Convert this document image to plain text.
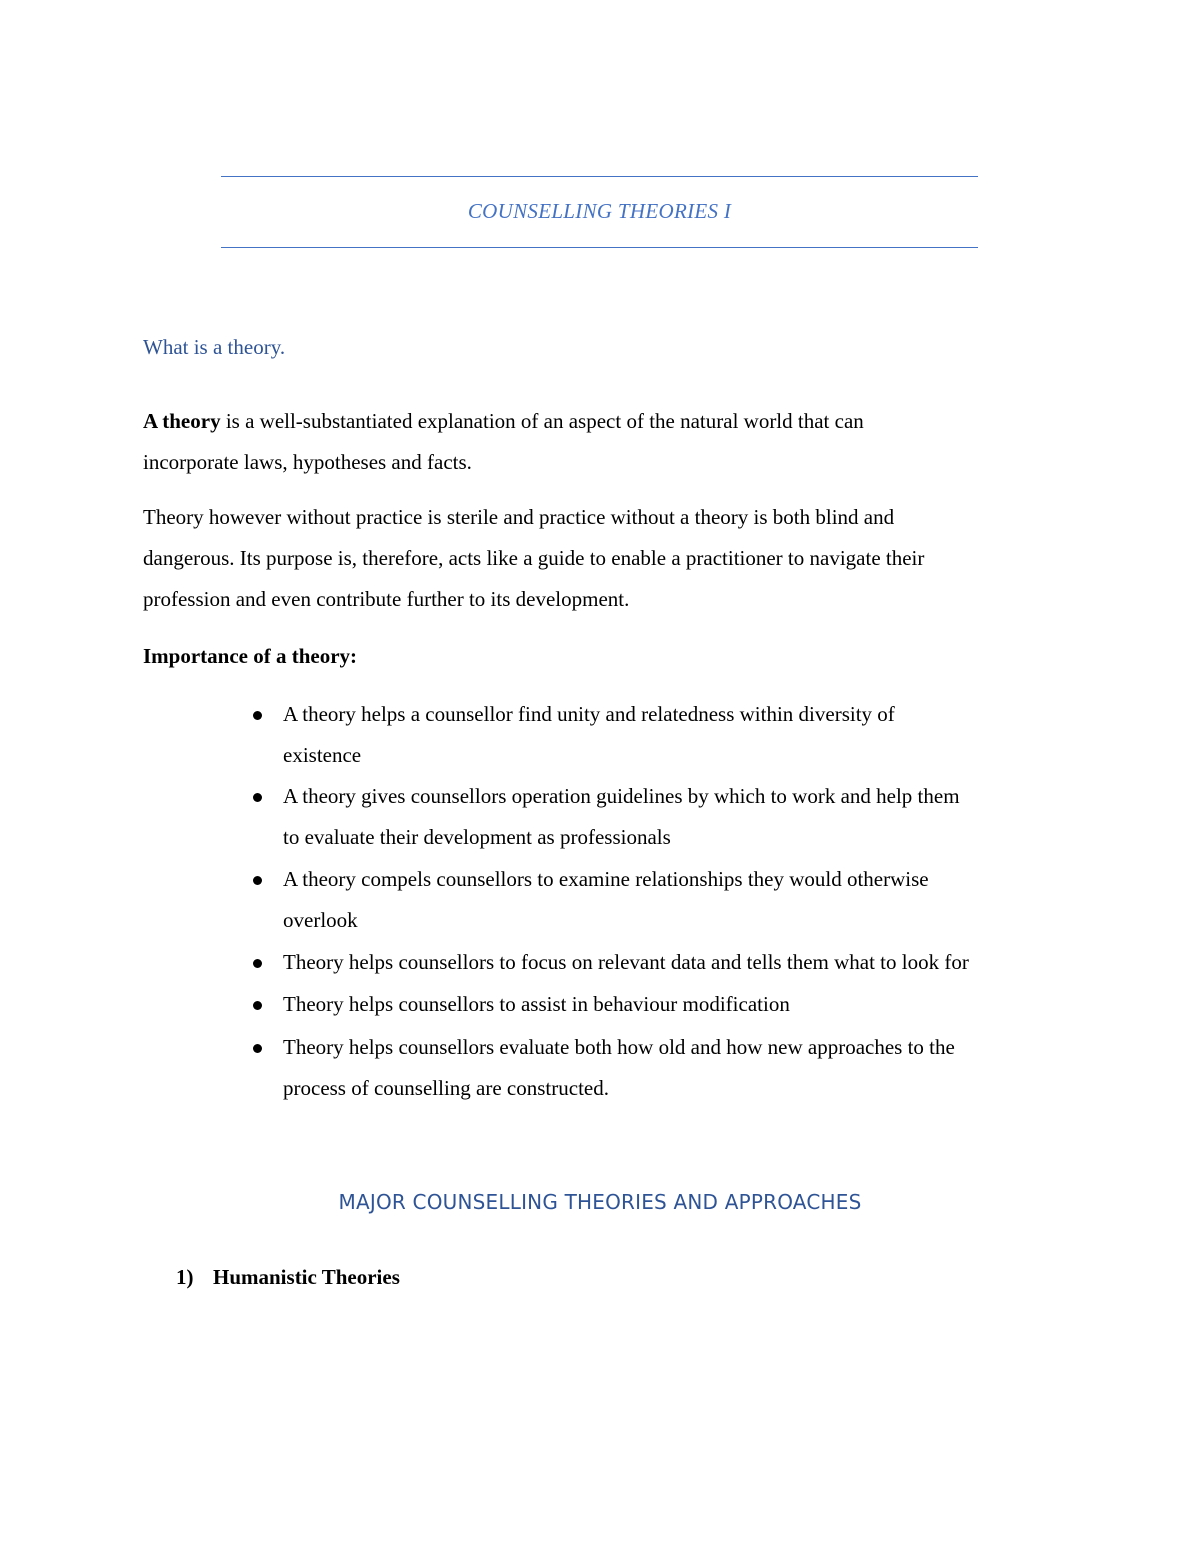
COUNSELLING THEORIES I
What is a theory.
A theory is a well-substantiated explanation of an aspect of the natural world that can
incorporate laws, hypotheses and facts.
Theory however without practice is sterile and practice without a theory is both blind and
dangerous. Its purpose is, therefore, acts like a guide to enable a practitioner to navigate their
profession and even contribute further to its development.
Importance of a theory:
A theory helps a counsellor find unity and relatedness within diversity of
existence
A theory gives counsellors operation guidelines by which to work and help them
to evaluate their development as professionals
A theory compels counsellors to examine relationships they would otherwise
overlook
Theory helps counsellors to focus on relevant data and tells them what to look for
Theory helps counsellors to assist in behaviour modification
Theory helps counsellors evaluate both how old and how new approaches to the
process of counselling are constructed.
MAJOR COUNSELLING THEORIES AND APPROACHES
1) Humanistic Theories
